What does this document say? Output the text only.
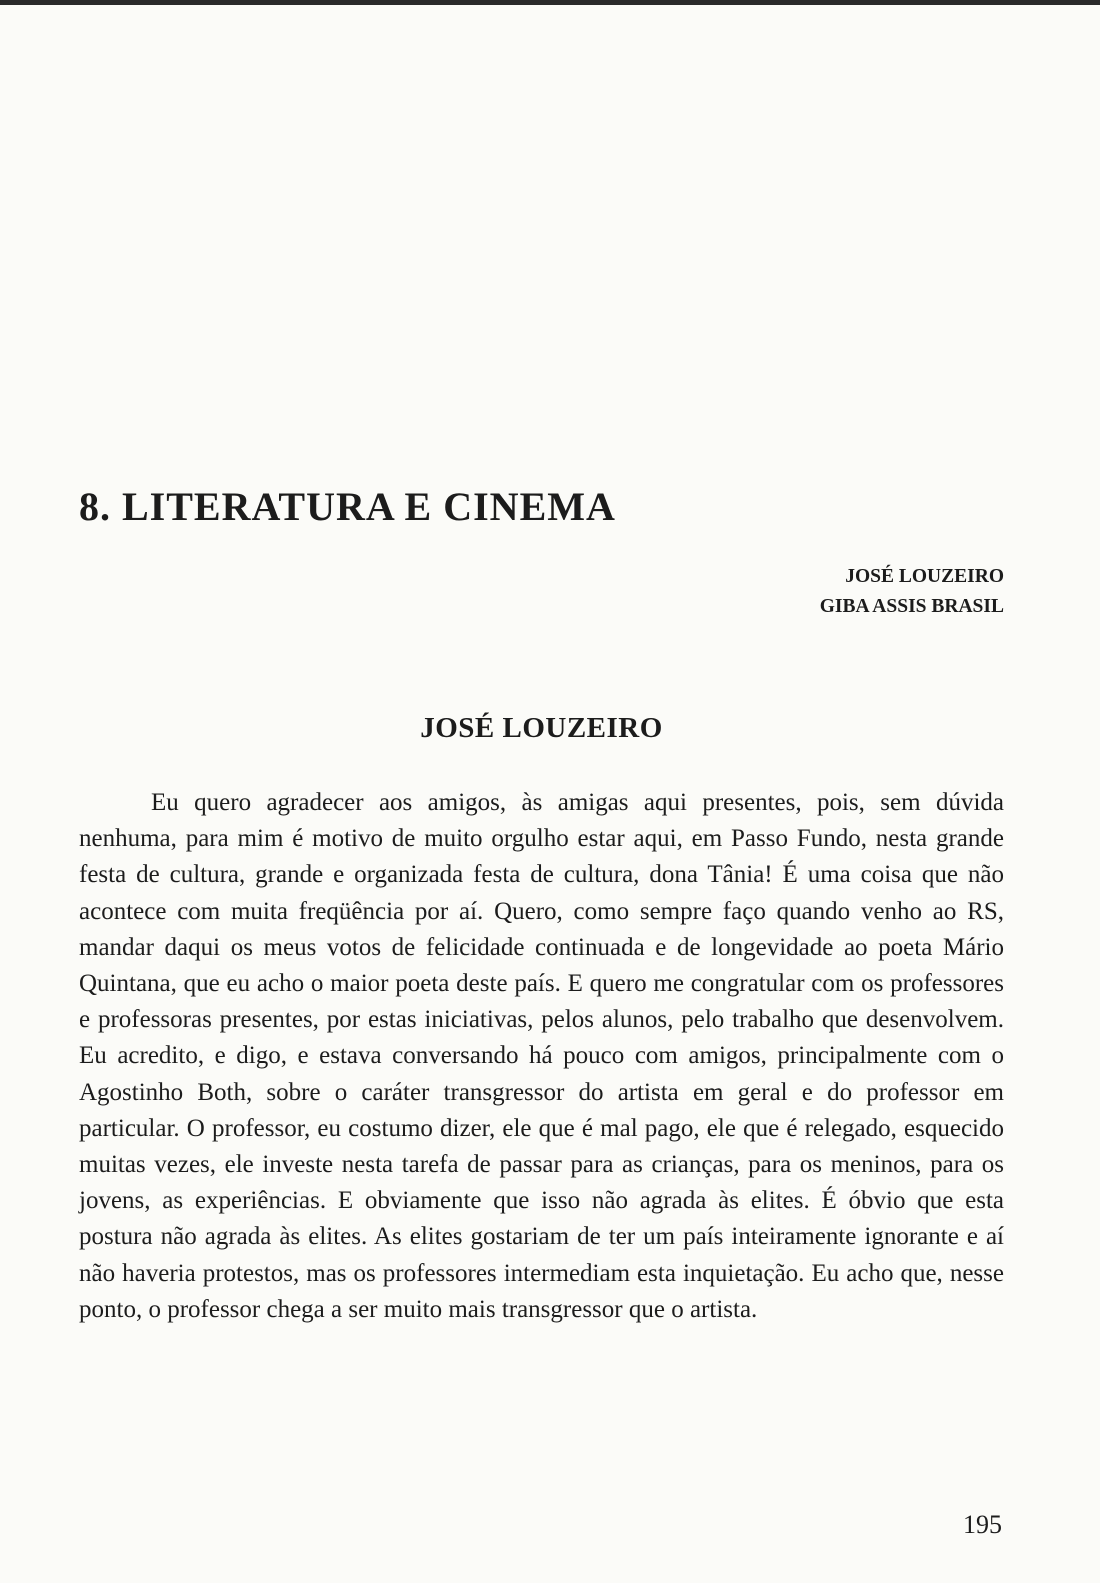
8. LITERATURA E CINEMA
JOSÉ LOUZEIRO
GIBA ASSIS BRASIL
JOSÉ LOUZEIRO

Eu quero agradecer aos amigos, às amigas aqui presentes, pois, sem dúvida nenhuma, para mim é motivo de muito orgulho estar aqui, em Passo Fundo, nesta grande festa de cultura, grande e organizada festa de cultura, dona Tânia! É uma coisa que não acontece com muita freqüência por aí. Quero, como sempre faço quando venho ao RS, mandar daqui os meus votos de felicidade continuada e de longevidade ao poeta Mário Quintana, que eu acho o maior poeta deste país. E quero me congratular com os professores e professoras presentes, por estas iniciativas, pelos alunos, pelo trabalho que desenvolvem. Eu acredito, e digo, e estava conversando há pouco com amigos, principalmente com o Agostinho Both, sobre o caráter transgressor do artista em geral e do professor em particular. O professor, eu costumo dizer, ele que é mal pago, ele que é relegado, esquecido muitas vezes, ele investe nesta tarefa de passar para as crianças, para os meninos, para os jovens, as experiências. E obviamente que isso não agrada às elites. É óbvio que esta postura não agrada às elites. As elites gostariam de ter um país inteiramente ignorante e aí não haveria protestos, mas os professores intermediam esta inquietação. Eu acho que, nesse ponto, o professor chega a ser muito mais transgressor que o artista.

195
